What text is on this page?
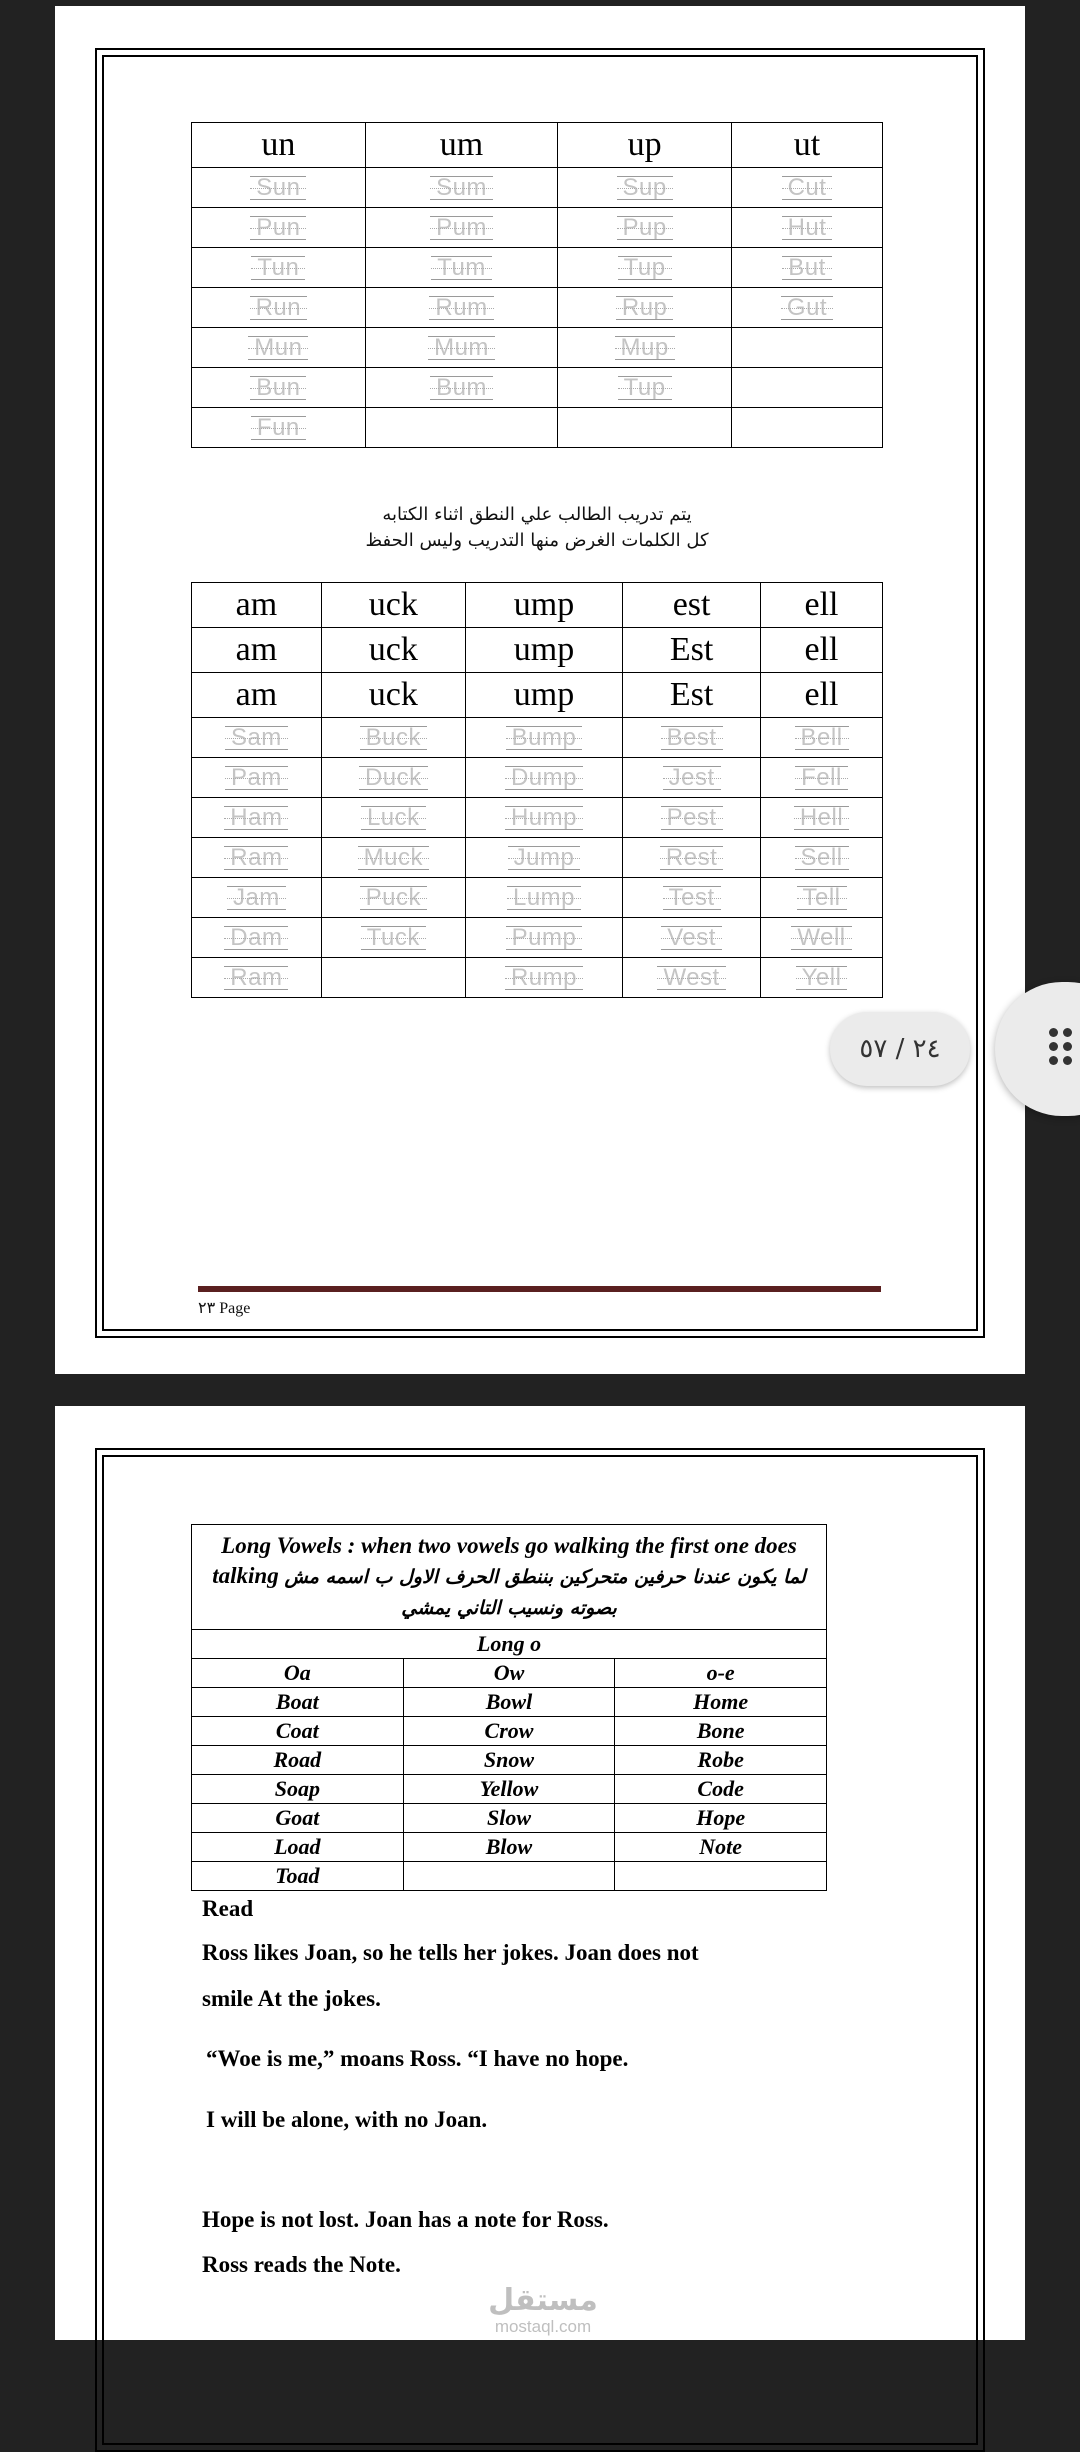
un	um	up	ut

Sun	Sum	Sup	Cut

Pun	Pum	Pup	Hut

Tun	Tum	Tup	But

Run	Rum	Rup	Gut

Mun	Mum	Mup	

Bun	Bum	Tup	

Fun			
يتم تدريب الطالب علي النطق اثناء الكتابه
كل الكلمات الغرض منها التدريب وليس الحفظ
am	uck	ump	est	ell
am	uck	ump	Est	ell
am	uck	ump	Est	ell

Sam	Buck	Bump	Best	Bell

Pam	Duck	Dump	Jest	Fell

Ham	Luck	Hump	Pest	Hell

Ram	Muck	Jump	Rest	Sell

Jam	Puck	Lump	Test	Tell

Dam	Tuck	Pump	Vest	Well

Ram		Rump	West	Yell
٢٣ Page
Long Vowels : when two vowels go walking the first one does talking لما يكون عندنا حرفين متحركين بننطق الحرف الاول ب اسمه مش بصوته ونسيب التاني يمشي		
Long o		
Oa	Ow	o-e
Boat	Bowl	Home
Coat	Crow	Bone
Road	Snow	Robe
Soap	Yellow	Code
Goat	Slow	Hope
Load	Blow	Note
Toad		
Read
Ross likes Joan, so he tells her jokes. Joan does not
smile At the jokes.
“Woe is me,” moans Ross. “I have no hope.
I will be alone, with no Joan.
Hope is not lost. Joan has a note for Ross.
Ross reads the Note.
مستقل
mostaql.com
٢٤ / ٥٧
